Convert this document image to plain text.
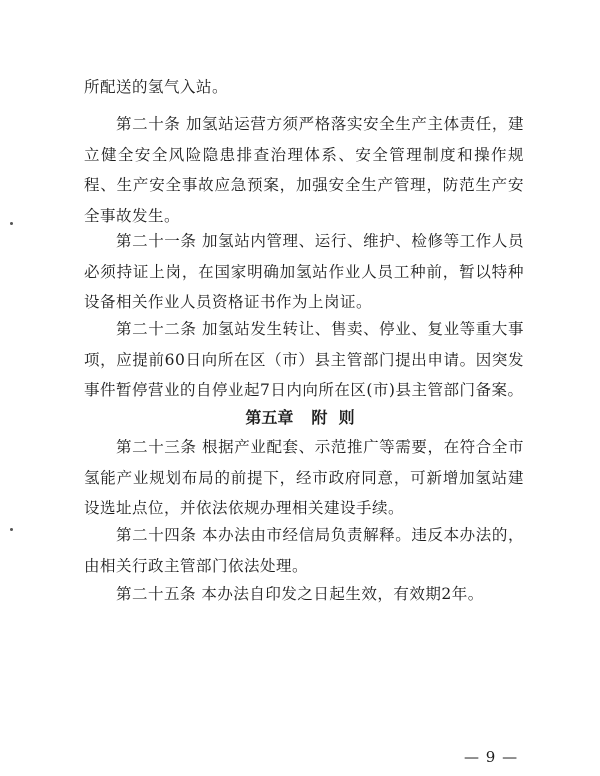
所配送的氢气入站。

第二十条 加氢站运营方须严格落实安全生产主体责任，建立健全安全风险隐患排查治理体系、安全管理制度和操作规程、生产安全事故应急预案，加强安全生产管理，防范生产安全事故发生。

第二十一条 加氢站内管理、运行、维护、检修等工作人员必须持证上岗，在国家明确加氢站作业人员工种前，暂以特种设备相关作业人员资格证书作为上岗证。

第二十二条 加氢站发生转让、售卖、停业、复业等重大事项，应提前60日向所在区（市）县主管部门提出申请。因突发事件暂停营业的自停业起7日内向所在区(市)县主管部门备案。

第五章 附  则

第二十三条 根据产业配套、示范推广等需要，在符合全市氢能产业规划布局的前提下，经市政府同意，可新增加氢站建设选址点位，并依法依规办理相关建设手续。

第二十四条 本办法由市经信局负责解释。违反本办法的，由相关行政主管部门依法处理。

第二十五条 本办法自印发之日起生效，有效期2年。

— 9 —
